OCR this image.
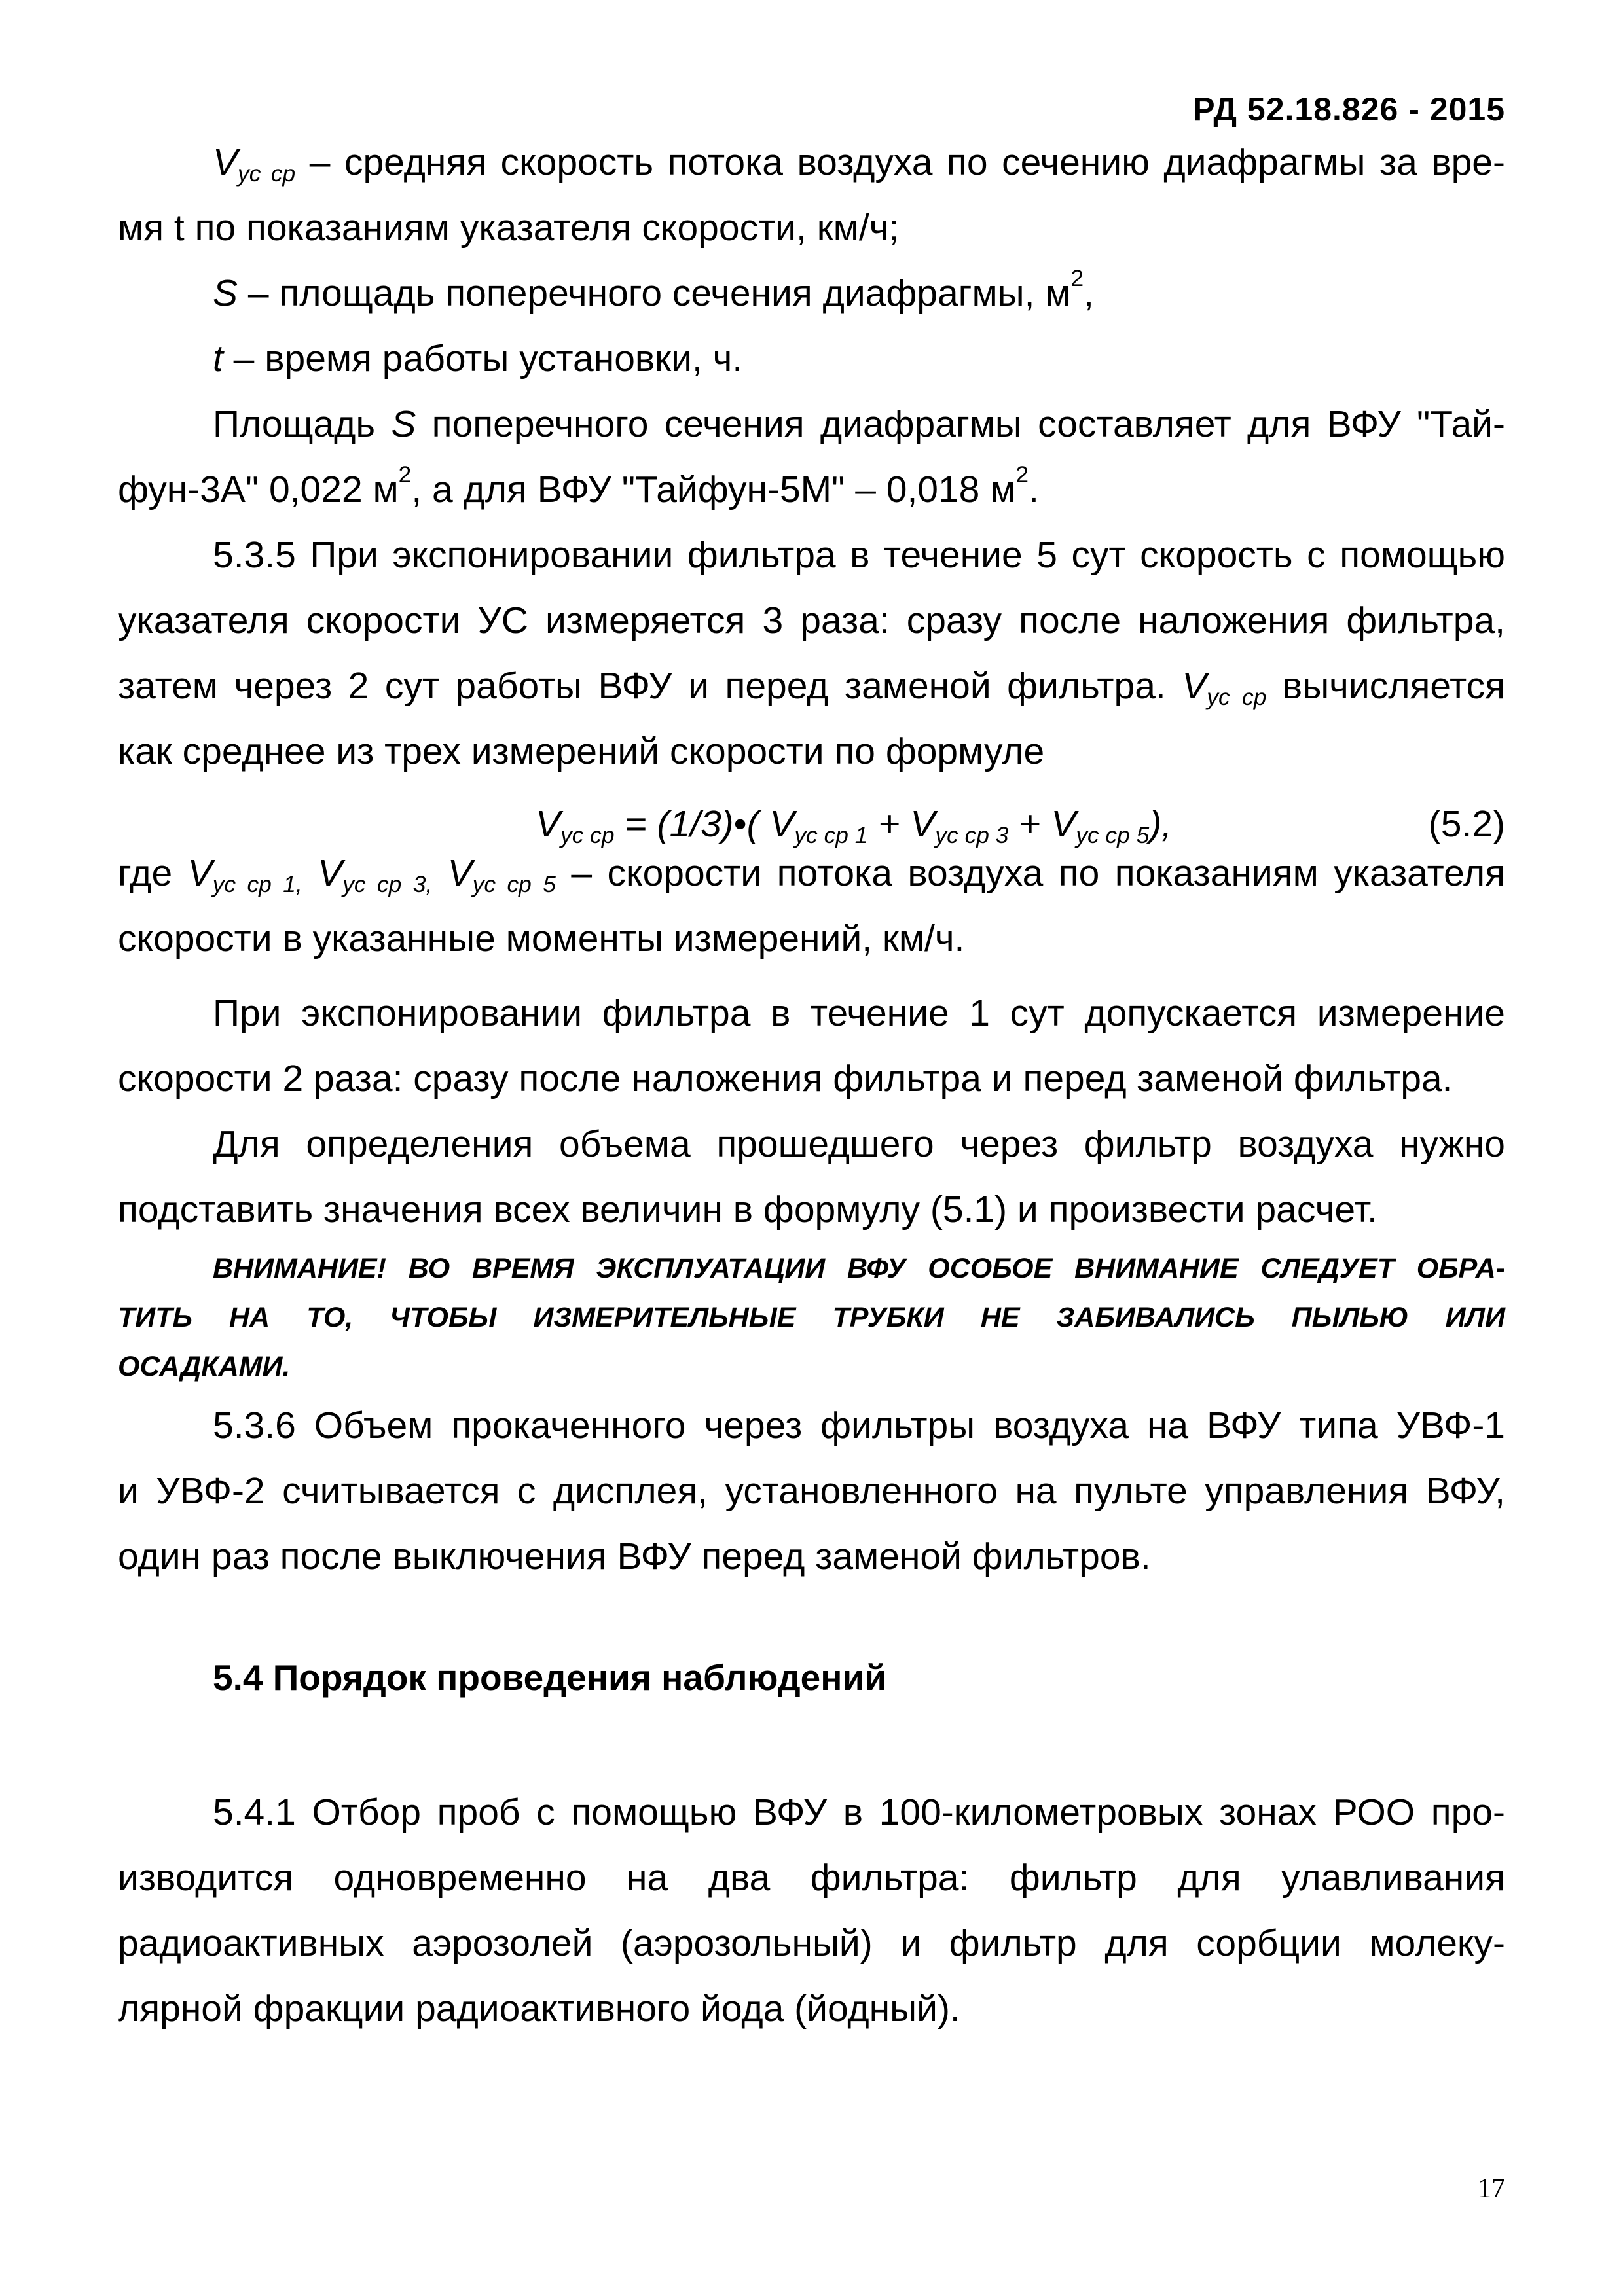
РД 52.18.826 - 2015
$V_{ус ср}$ – средняя скорость потока воздуха по сечению диафрагмы за вре-
мя t по показаниям указателя скорости, км/ч;
S – площадь поперечного сечения диафрагмы, $м^2$,
t – время работы установки, ч.
Площадь S поперечного сечения диафрагмы составляет для ВФУ "Тай-
фун-3А" 0,022 $м^2$, а для ВФУ "Тайфун-5М" – 0,018 $м^2$.
5.3.5 При экспонировании фильтра в течение 5 сут скорость с помощью
указателя скорости УС измеряется 3 раза: сразу после наложения фильтра,
затем через 2 сут работы ВФУ и перед заменой фильтра. $V_{ус ср}$ вычисляется
как среднее из трех измерений скорости по формуле
$V_{ус ср}$ = (1/3)•( $V_{ус ср 1} + V_{ус ср 3} + V_{ус ср 5}$),	(5.2)
где $V_{ус ср 1,}$ $V_{ус ср 3,}$ $V_{ус ср 5}$ – скорости потока воздуха по показаниям указателя
скорости в указанные моменты измерений, км/ч.
При экспонировании фильтра в течение 1 сут допускается измерение
скорости 2 раза: сразу после наложения фильтра и перед заменой фильтра.
Для определения объема прошедшего через фильтр воздуха нужно
подставить значения всех величин в формулу (5.1) и произвести расчет.
ВНИМАНИЕ! ВО ВРЕМЯ ЭКСПЛУАТАЦИИ ВФУ ОСОБОЕ ВНИМАНИЕ СЛЕДУЕТ ОБРА-
ТИТЬ НА ТО, ЧТОБЫ ИЗМЕРИТЕЛЬНЫЕ ТРУБКИ НЕ ЗАБИВАЛИСЬ ПЫЛЬЮ ИЛИ
ОСАДКАМИ.
5.3.6 Объем прокаченного через фильтры воздуха на ВФУ типа УВФ-1
и УВФ-2 считывается с дисплея, установленного на пульте управления ВФУ,
один раз после выключения ВФУ перед заменой фильтров.
5.4 Порядок проведения наблюдений
5.4.1 Отбор проб с помощью ВФУ в 100-километровых зонах РОО про-
изводится одновременно на два фильтра: фильтр для улавливания
радиоактивных аэрозолей (аэрозольный) и фильтр для сорбции молеку-
лярной фракции радиоактивного йода (йодный).
17
